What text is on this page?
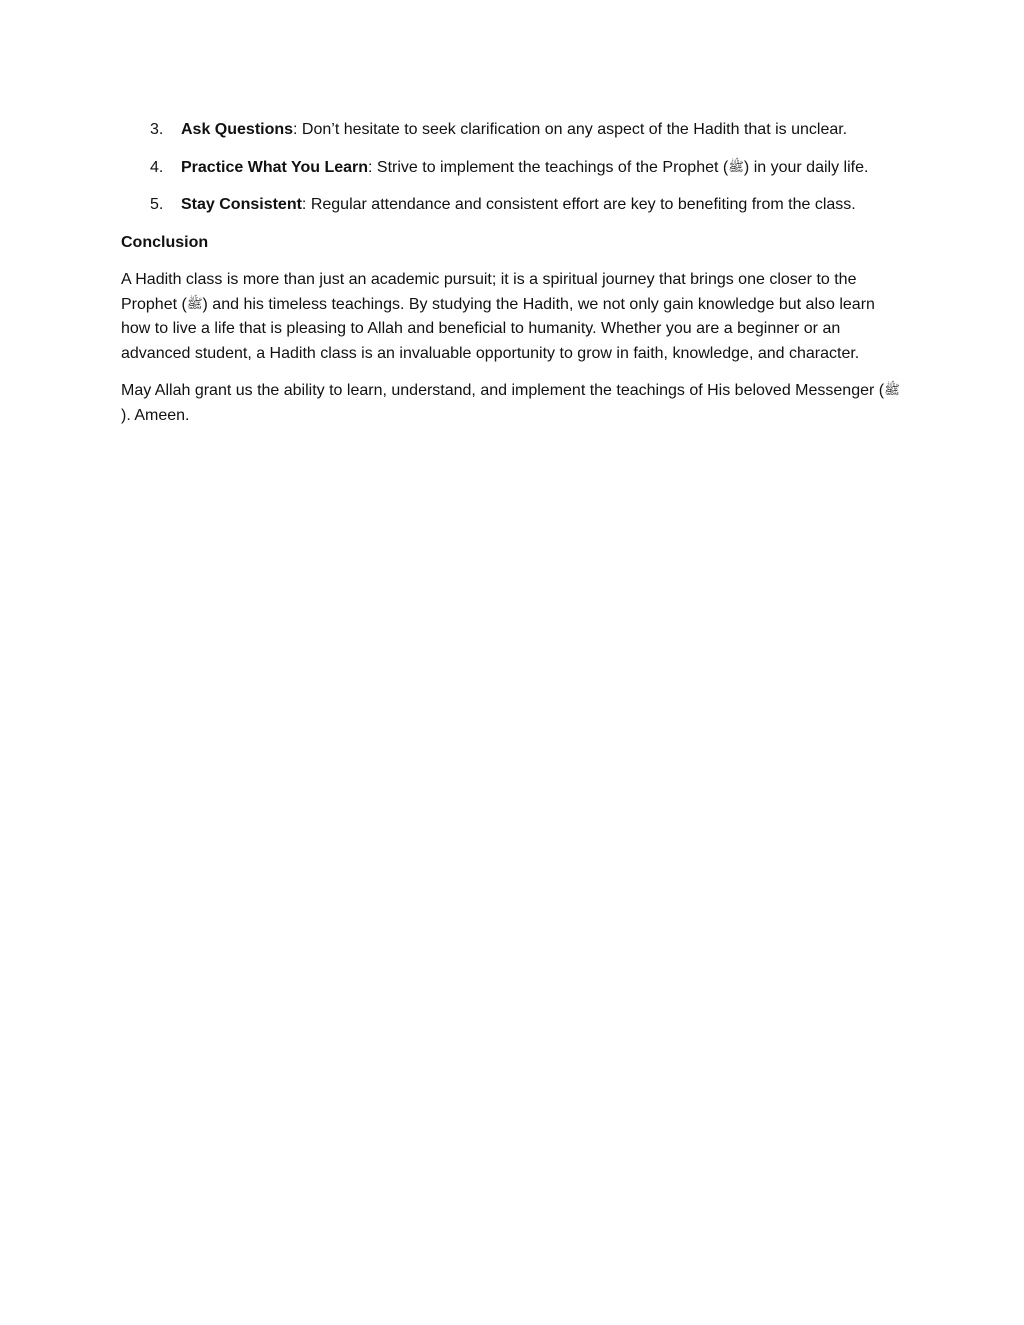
3.	Ask Questions: Don’t hesitate to seek clarification on any aspect of the Hadith that is unclear.
4.	Practice What You Learn: Strive to implement the teachings of the Prophet (ﷺ) in your daily life.
5.	Stay Consistent: Regular attendance and consistent effort are key to benefiting from the class.
Conclusion

A Hadith class is more than just an academic pursuit; it is a spiritual journey that brings one closer to the Prophet (ﷺ) and his timeless teachings. By studying the Hadith, we not only gain knowledge but also learn how to live a life that is pleasing to Allah and beneficial to humanity. Whether you are a beginner or an advanced student, a Hadith class is an invaluable opportunity to grow in faith, knowledge, and character.

May Allah grant us the ability to learn, understand, and implement the teachings of His beloved Messenger (ﷺ). Ameen.
